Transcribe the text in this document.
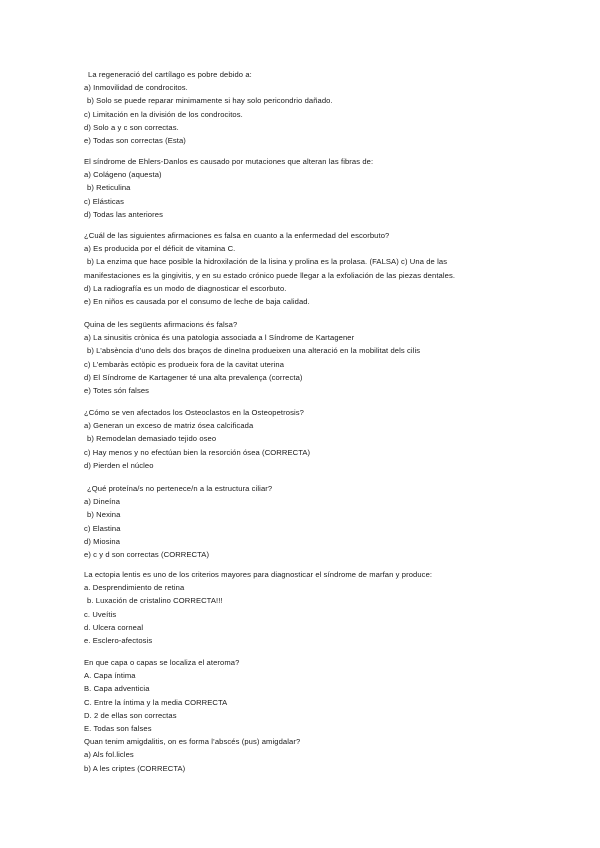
La regeneració del cartílago es pobre debido a:
a) Inmovilidad de condrocitos.
b) Solo se puede reparar minimamente si hay solo pericondrio dañado.
c) Limitación en la división de los condrocitos.
d) Solo a y c son correctas.
e) Todas son correctas (Esta)
El síndrome de Ehlers-Danlos es causado por mutaciones que alteran las fibras de:
a) Colágeno (aquesta)
b) Reticulina
c) Elásticas
d) Todas las anteriores
¿Cuál de las siguientes afirmaciones es falsa en cuanto a la enfermedad del escorbuto?
a) Es producida por el déficit de vitamina C.
b) La enzima que hace posible la hidroxilación de la lisina y prolina es la prolasa. (FALSA) c) Una de las
manifestaciones es la gingivitis, y en su estado crónico puede llegar a la exfoliación de las piezas dentales.
d) La radiografía es un modo de diagnosticar el escorbuto.
e) En niños es causada por el consumo de leche de baja calidad.
Quina de les següents afirmacions és falsa?
a) La sinusitis crònica és una patologia associada a l Síndrome de Kartagener
b) L’absència d’uno dels dos braços de dineïna produeixen una alteració en la mobilitat dels cilis
c) L’embaràs ectòpic es produeix fora de la cavitat uterina
d) El Síndrome de Kartagener té una alta prevalença (correcta)
e) Totes són falses
¿Cómo se ven afectados los Osteoclastos en la Osteopetrosis?
a) Generan un exceso de matriz ósea calcificada
b) Remodelan demasiado tejido oseo
c) Hay menos y no efectúan bien la resorción ósea (CORRECTA)
d) Pierden el núcleo
¿Qué proteína/s no pertenece/n a la estructura ciliar?
a) Dineína
b) Nexina
c) Elastina
d) Miosina
e) c y d son correctas (CORRECTA)
La ectopia lentis es uno de los criterios mayores para diagnosticar el síndrome de marfan y produce:
a. Desprendimiento de retina
b. Luxación de cristalino CORRECTA!!!
c. Uveítis
d. Ulcera corneal
e. Esclero-afectosis
En que capa o capas se localiza el ateroma?
A. Capa íntima
B. Capa adventicia
C. Entre la íntima y la media CORRECTA
D. 2 de ellas son correctas
E. Todas son falses
Quan tenim amigdalitis, on es forma l’abscés (pus) amigdalar?
a) Als fol.licles
b) A les criptes (CORRECTA)
